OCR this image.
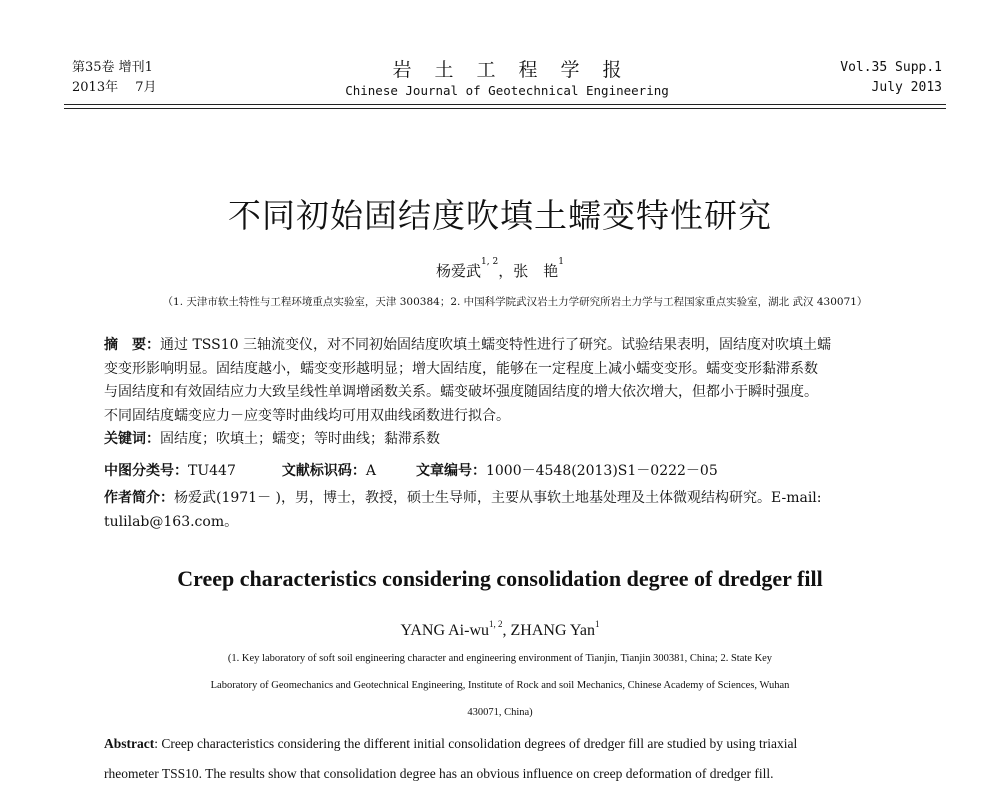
第35卷 增刊1
2013年　 7月
岩土工程学报
Chinese Journal of Geotechnical Engineering
Vol.35 Supp.1
July 2013
不同初始固结度吹填土蠕变特性研究
杨爱武$^{1, 2}$，张　艳$^1$
（1. 天津市软土特性与工程环境重点实验室，天津 300384；2. 中国科学院武汉岩土力学研究所岩土力学与工程国家重点实验室，湖北 武汉 430071）
摘　要：通过 TSS10 三轴流变仪，对不同初始固结度吹填土蠕变特性进行了研究。试验结果表明，固结度对吹填土蠕
变变形影响明显。固结度越小，蠕变变形越明显；增大固结度，能够在一定程度上减小蠕变变形。蠕变变形黏滞系数
与固结度和有效固结应力大致呈线性单调增函数关系。蠕变破坏强度随固结度的增大依次增大，但都小于瞬时强度。
不同固结度蠕变应力－应变等时曲线均可用双曲线函数进行拟合。
关键词：固结度；吹填土；蠕变；等时曲线；黏滞系数
中图分类号：TU447	文献标识码：A	文章编号：1000－4548(2013)S1－0222－05
作者简介：杨爱武(1971－ )，男，博士，教授，硕士生导师，主要从事软土地基处理及土体微观结构研究。E-mail:
tulilab@163.com。
Creep characteristics considering consolidation degree of dredger fill
YANG Ai-wu$^{1, 2}$, ZHANG Yan$^1$
(1. Key laboratory of soft soil engineering character and engineering environment of Tianjin, Tianjin 300381, China; 2. State Key
Laboratory of Geomechanics and Geotechnical Engineering, Institute of Rock and soil Mechanics, Chinese Academy of Sciences, Wuhan
430071, China)
Abstract: Creep characteristics considering the different initial consolidation degrees of dredger fill are studied by using triaxial
rheometer TSS10. The results show that consolidation degree has an obvious influence on creep deformation of dredger fill.
